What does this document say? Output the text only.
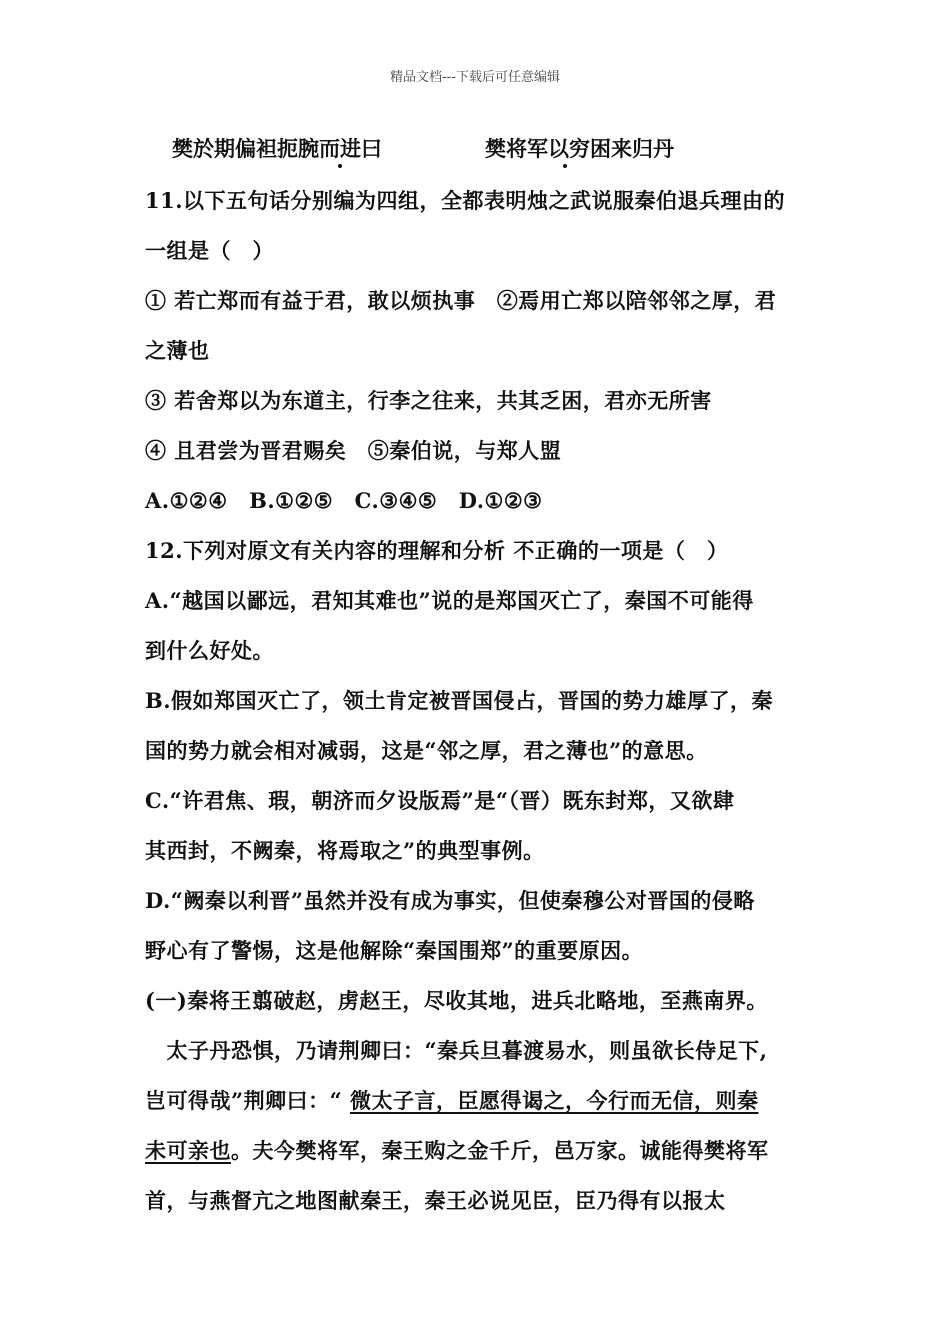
精品文档---下载后可任意编辑
樊於期偏袒扼腕而进曰	樊将军以穷困来归丹
11.以下五句话分别编为四组，全都表明烛之武说服秦伯退兵理由的
一组是（　）
① 若亡郑而有益于君，敢以烦执事　②焉用亡郑以陪邻邻之厚，君
之薄也
③ 若舍郑以为东道主，行李之往来，共其乏困，君亦无所害
④ 且君尝为晋君赐矣　⑤秦伯说，与郑人盟
A.①②④　B.①②⑤　C.③④⑤　D.①②③
12.下列对原文有关内容的理解和分析 不正确的一项是（　）
A.“越国以鄙远，君知其难也”说的是郑国灭亡了，秦国不可能得
到什么好处。
B.假如郑国灭亡了，领土肯定被晋国侵占，晋国的势力雄厚了，秦
国的势力就会相对减弱，这是“邻之厚，君之薄也”的意思。
C.“许君焦、瑕，朝济而夕设版焉”是“（晋）既东封郑，又欲肆
其西封，不阙秦，将焉取之”的典型事例。
D.“阙秦以利晋”虽然并没有成为事实，但使秦穆公对晋国的侵略
野心有了警惕，这是他解除“秦国围郑”的重要原因。
(一)秦将王翦破赵，虏赵王，尽收其地，进兵北略地，至燕南界。
　太子丹恐惧，乃请荆卿曰：“秦兵旦暮渡易水，则虽欲长侍足下,
岂可得哉”荆卿曰：“ 微太子言，臣愿得谒之，今行而无信，则秦
未可亲也。夫今樊将军，秦王购之金千斤，邑万家。诚能得樊将军
首，与燕督亢之地图献秦王，秦王必说见臣，臣乃得有以报太
